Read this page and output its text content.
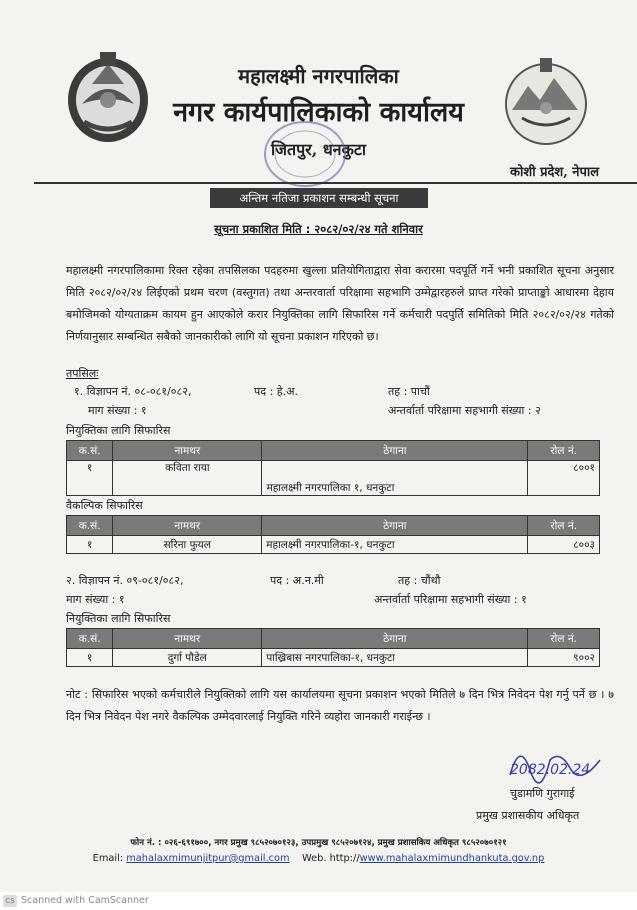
महालक्ष्मी नगरपालिका
नगर कार्यपालिकाको कार्यालय
जितपुर, धनकुटा
कोशी प्रदेश, नेपाल
अन्तिम नतिजा प्रकाशन सम्बन्धी सूचना
सूचना प्रकाशित मिति : २०८२/०२/२४ गते शनिवार
महालक्ष्मी नगरपालिकामा रिक्त रहेका तपसिलका पदहरुमा खुल्ला प्रतियोगिताद्वारा सेवा करारमा पदपूर्ति गर्ने भनी प्रकाशित सूचना अनुसार मिति २०८२/०२/२४ लिईएको प्रथम चरण (वस्तुगत) तथा अन्तरवार्ता परिक्षामा सहभागि उम्मेद्वारहरुले प्राप्त गरेको प्राप्ताङ्को आधारमा देहाय बमोजिमको योग्यताक्रम कायम हुन आएकोले करार नियुक्तिका लागि सिफारिस गर्ने कर्मचारी पदपुर्ति समितिको मिति २०८२/०२/२४ गतेको निर्णयानुसार सम्बन्धित सबैको जानकारीको लागि यो सूचना प्रकाशन गरिएको छ।
तपसिलः
१. विज्ञापन नं. ०८-०८१/०८२,	पद : हे.अ.	तह : पाचौं
माग संख्या : १	अन्तर्वार्ता परिक्षामा सहभागी संख्या : २
नियुक्तिका लागि सिफारिस
क.सं.	नामथर	ठेगाना	रोल नं.
१	कविता राया	महालक्ष्मी नगरपालिका १, धनकुटा	८००१
वैकल्पिक सिफारिस
क.सं.	नामथर	ठेगाना	रोल नं.
१	सरिना फुयल	महालक्ष्मी नगरपालिका-१, धनकुटा	८००३
२. विज्ञापन नं. ०९-०८१/०८२,	पद : अ.न.मी	तह : चौंथौ
माग संख्या : १	अन्तर्वार्ता परिक्षामा सहभागी संख्या : १
नियुक्तिका लागि सिफारिस
क.सं.	नामथर	ठेगाना	रोल नं.
१	दुर्गा पौडेल	पाख्रिबास नगरपालिका-१, धनकुटा	९००२
नोट : सिफारिस भएको कर्मचारीले नियुक्तिको लागि यस कार्यालयमा सूचना प्रकाशन भएको मितिले ७ दिन भित्र निवेदन पेश गर्नु पर्ने छ । ७ दिन भित्र निवेदन पेश नगरे वैकल्पिक उम्मेदवारलाई नियुक्ति गरिने व्यहोरा जानकारी गराईन्छ ।
2082.02.24
चुडामणि गुरागाई
प्रमुख प्रशासकीय अधिकृत
फोन नं. : ०२६-६९१७००, नगर प्रमुख ९८५२०७०१२३, उपप्रमुख ९८५२०७१२४, प्रमुख प्रशासकिय अधिकृत ९८५२०७०१२१
Email: mahalaxmimunjitpur@gmail.com Web. http://www.mahalaxmimundhankuta.gov.np
CS Scanned with CamScanner
